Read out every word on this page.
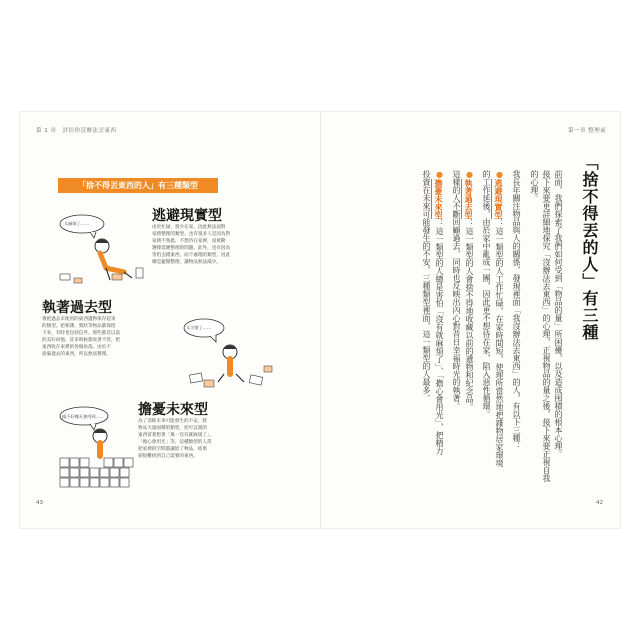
第 1 章　評估你沒辦法丟東西
「捨不得丟東西的人」有三種類型
逃避現實型
由於忙碌，很少在家，因此無法面對
家務整理的類型。也有很多人是因為對
家務不熟悉，不想待在家裡，而被動
選擇延遲整理的問題。此外，也有因為
害怕丟錯東西，而不處理的類型，因此
總是避開整理，讓物品無法減少。
太麻煩了……
執著過去型
會把過去未使用的東西遺物保存起來
的類型。把相簿、獎狀等物品都保留
下來，有時也包括信件。那些都是以前
的美好回憶，許多時候都放著不管，把
東西收在家裡的各個角落。由於不
捨棄過去的東西，所以無法整理。
太可惜了……
擔憂未來型
為了消除未來可能發生的不安，將
物品大量囤積的類型，把可以賣的
東西留著想著「萬一沒有就麻煩了」、
「擔心會用光」等，這種類型的人常
把家裡的空間都讓給了物品，結果
卻很難找到自己需要的東西。
搞不好哪天會用到……
43
第一章 整理前
「捨不得丟的人」有三種
前面，我們探索了我們如何受到「物品的量」所困擾，以及造成囤積的根本心理。
接下來要更詳細地探究「沒辦法丟東西」的心理，正視物品的量之後，接下來要正視自我
的心理。
我長年關注物品與人的關係，發現裡面「我沒辦法丟東西」的人，有以下三種：
●逃避現實型：這一類型的人工作忙碌，在家時間短，使理所當然地把雜物居家環境
的工作延後，由於家中亂成一團，因此更不想待在家，陷入惡性循環。
●執著過去型：這一類型的人會捨不得地收藏以前的遺物和紀念品。
這樣的人不斷回顧過去，同時也反映出內心對昔日幸福時光的執著。
●擔憂未來型：這一類型的人總是害怕「沒有就麻煩了」、「擔心會用光」，把精力
投資在未來可能發生的不安，三種類型裡面，這一類型的人最多。
42
